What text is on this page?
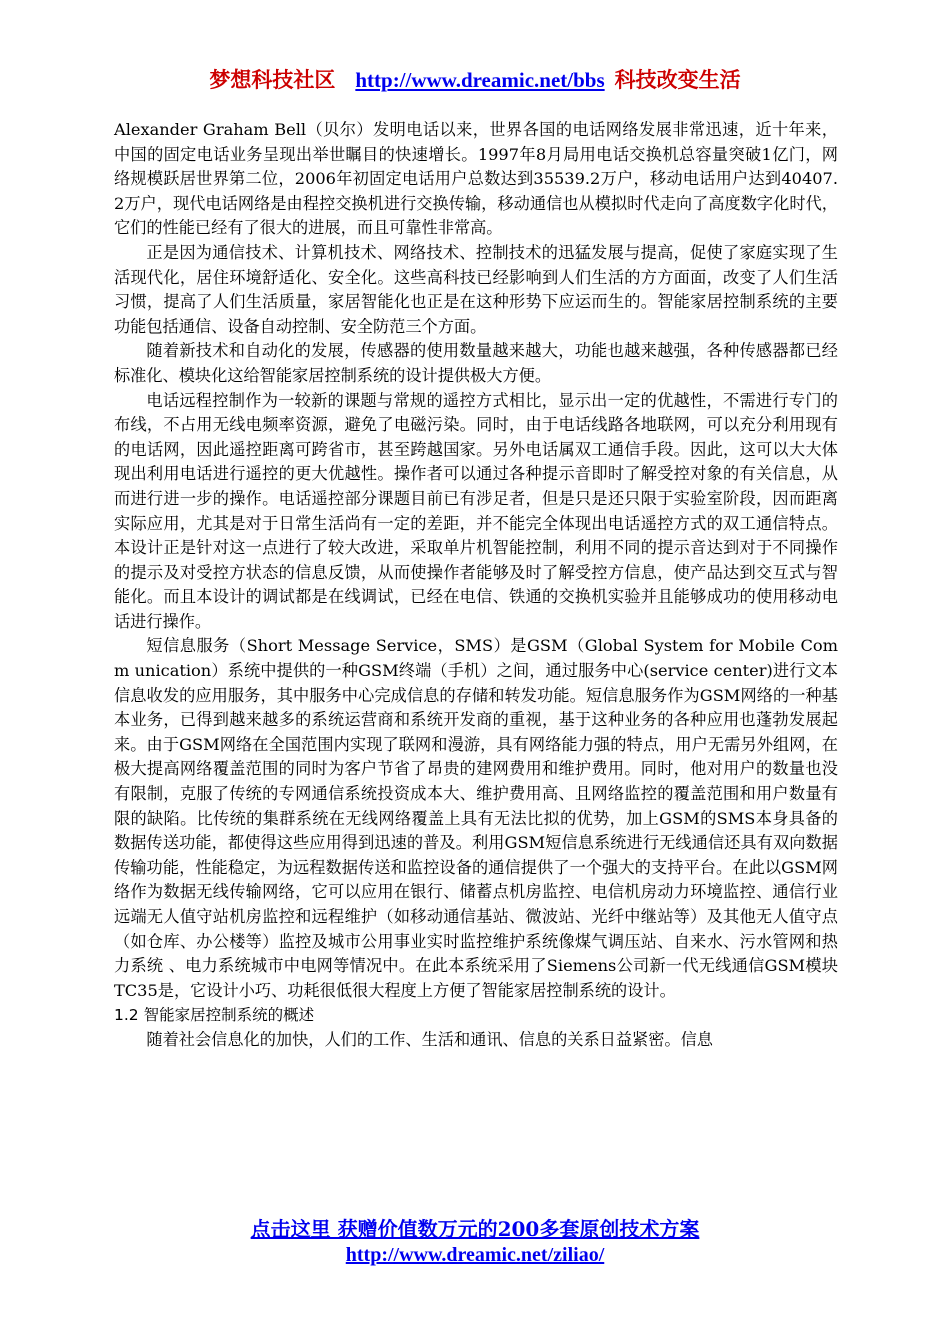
梦想科技社区 http://www.dreamic.net/bbs 科技改变生活

Alexander Graham Bell（贝尔）发明电话以来，世界各国的电话网络发展非常迅速，近十年来，中国的固定电话业务呈现出举世瞩目的快速增长。1997年8月局用电话交换机总容量突破1亿门，网络规模跃居世界第二位，2006年初固定电话用户总数达到35539.2万户，移动电话用户达到40407.2万户，现代电话网络是由程控交换机进行交换传输，移动通信也从模拟时代走向了高度数字化时代，它们的性能已经有了很大的进展，而且可靠性非常高。

正是因为通信技术、计算机技术、网络技术、控制技术的迅猛发展与提高，促使了家庭实现了生活现代化，居住环境舒适化、安全化。这些高科技已经影响到人们生活的方方面面，改变了人们生活习惯，提高了人们生活质量，家居智能化也正是在这种形势下应运而生的。智能家居控制系统的主要功能包括通信、设备自动控制、安全防范三个方面。

随着新技术和自动化的发展，传感器的使用数量越来越大，功能也越来越强，各种传感器都已经标准化、模块化这给智能家居控制系统的设计提供极大方便。

电话远程控制作为一较新的课题与常规的遥控方式相比，显示出一定的优越性，不需进行专门的布线，不占用无线电频率资源，避免了电磁污染。同时，由于电话线路各地联网，可以充分利用现有的电话网，因此遥控距离可跨省市，甚至跨越国家。另外电话属双工通信手段。因此，这可以大大体现出利用电话进行遥控的更大优越性。操作者可以通过各种提示音即时了解受控对象的有关信息，从而进行进一步的操作。电话遥控部分课题目前已有涉足者，但是只是还只限于实验室阶段，因而距离实际应用，尤其是对于日常生活尚有一定的差距，并不能完全体现出电话遥控方式的双工通信特点。本设计正是针对这一点进行了较大改进，采取单片机智能控制，利用不同的提示音达到对于不同操作的提示及对受控方状态的信息反馈，从而使操作者能够及时了解受控方信息，使产品达到交互式与智能化。而且本设计的调试都是在线调试，已经在电信、铁通的交换机实验并且能够成功的使用移动电话进行操作。

短信息服务（Short Message Service，SMS）是GSM（Global System for Mobile Comm unication）系统中提供的一种GSM终端（手机）之间，通过服务中心(service center)进行文本信息收发的应用服务，其中服务中心完成信息的存储和转发功能。短信息服务作为GSM网络的一种基本业务，已得到越来越多的系统运营商和系统开发商的重视，基于这种业务的各种应用也蓬勃发展起来。由于GSM网络在全国范围内实现了联网和漫游，具有网络能力强的特点，用户无需另外组网，在极大提高网络覆盖范围的同时为客户节省了昂贵的建网费用和维护费用。同时，他对用户的数量也没有限制，克服了传统的专网通信系统投资成本大、维护费用高、且网络监控的覆盖范围和用户数量有限的缺陷。比传统的集群系统在无线网络覆盖上具有无法比拟的优势，加上GSM的SMS本身具备的数据传送功能，都使得这些应用得到迅速的普及。利用GSM短信息系统进行无线通信还具有双向数据传输功能，性能稳定，为远程数据传送和监控设备的通信提供了一个强大的支持平台。在此以GSM网络作为数据无线传输网络，它可以应用在银行、储蓄点机房监控、电信机房动力环境监控、通信行业远端无人值守站机房监控和远程维护（如移动通信基站、微波站、光纤中继站等）及其他无人值守点（如仓库、办公楼等）监控及城市公用事业实时监控维护系统像煤气调压站、自来水、污水管网和热力系统 、电力系统城市中电网等情况中。在此本系统采用了Siemens公司新一代无线通信GSM模块TC35是，它设计小巧、功耗很低很大程度上方便了智能家居控制系统的设计。

1.2 智能家居控制系统的概述

随着社会信息化的加快，人们的工作、生活和通讯、信息的关系日益紧密。信息

点击这里 获赠价值数万元的200多套原创技术方案
http://www.dreamic.net/ziliao/
